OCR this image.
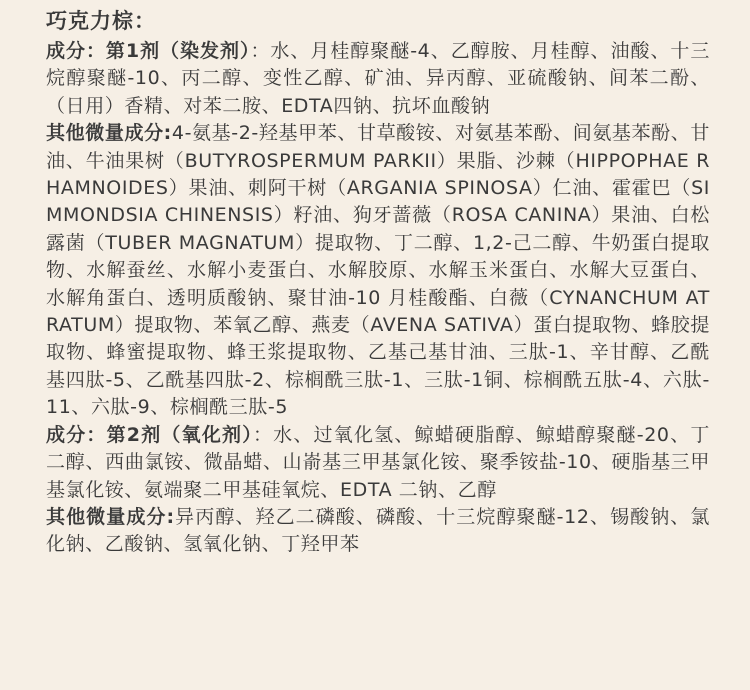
巧克力棕：

成分：第1剂（染发剂）：水、月桂醇聚醚-4、乙醇胺、月桂醇、油酸、十三烷醇聚醚-10、丙二醇、变性乙醇、矿油、异丙醇、亚硫酸钠、间苯二酚、（日用）香精、对苯二胺、EDTA四钠、抗坏血酸钠

其他微量成分:4-氨基-2-羟基甲苯、甘草酸铵、对氨基苯酚、间氨基苯酚、甘油、牛油果树（BUTYROSPERMUM PARKII）果脂、沙棘（HIPPOPHAE RHAMNOIDES）果油、刺阿干树（ARGANIA SPINOSA）仁油、霍霍巴（SIMMONDSIA CHINENSIS）籽油、狗牙蔷薇（ROSA CANINA）果油、白松露菌（TUBER MAGNATUM）提取物、丁二醇、1,2-己二醇、牛奶蛋白提取物、水解蚕丝、水解小麦蛋白、水解胶原、水解玉米蛋白、水解大豆蛋白、水解角蛋白、透明质酸钠、聚甘油-10 月桂酸酯、白薇（CYNANCHUM ATRATUM）提取物、苯氧乙醇、燕麦（AVENA SATIVA）蛋白提取物、蜂胶提取物、蜂蜜提取物、蜂王浆提取物、乙基己基甘油、三肽-1、辛甘醇、乙酰基四肽-5、乙酰基四肽-2、棕榈酰三肽-1、三肽-1铜、棕榈酰五肽-4、六肽-11、六肽-9、棕榈酰三肽-5

成分：第2剂（氧化剂）：水、过氧化氢、鲸蜡硬脂醇、鲸蜡醇聚醚-20、丁二醇、西曲氯铵、微晶蜡、山嵛基三甲基氯化铵、聚季铵盐-10、硬脂基三甲基氯化铵、氨端聚二甲基硅氧烷、EDTA 二钠、乙醇

其他微量成分:异丙醇、羟乙二磷酸、磷酸、十三烷醇聚醚-12、锡酸钠、氯化钠、乙酸钠、氢氧化钠、丁羟甲苯
